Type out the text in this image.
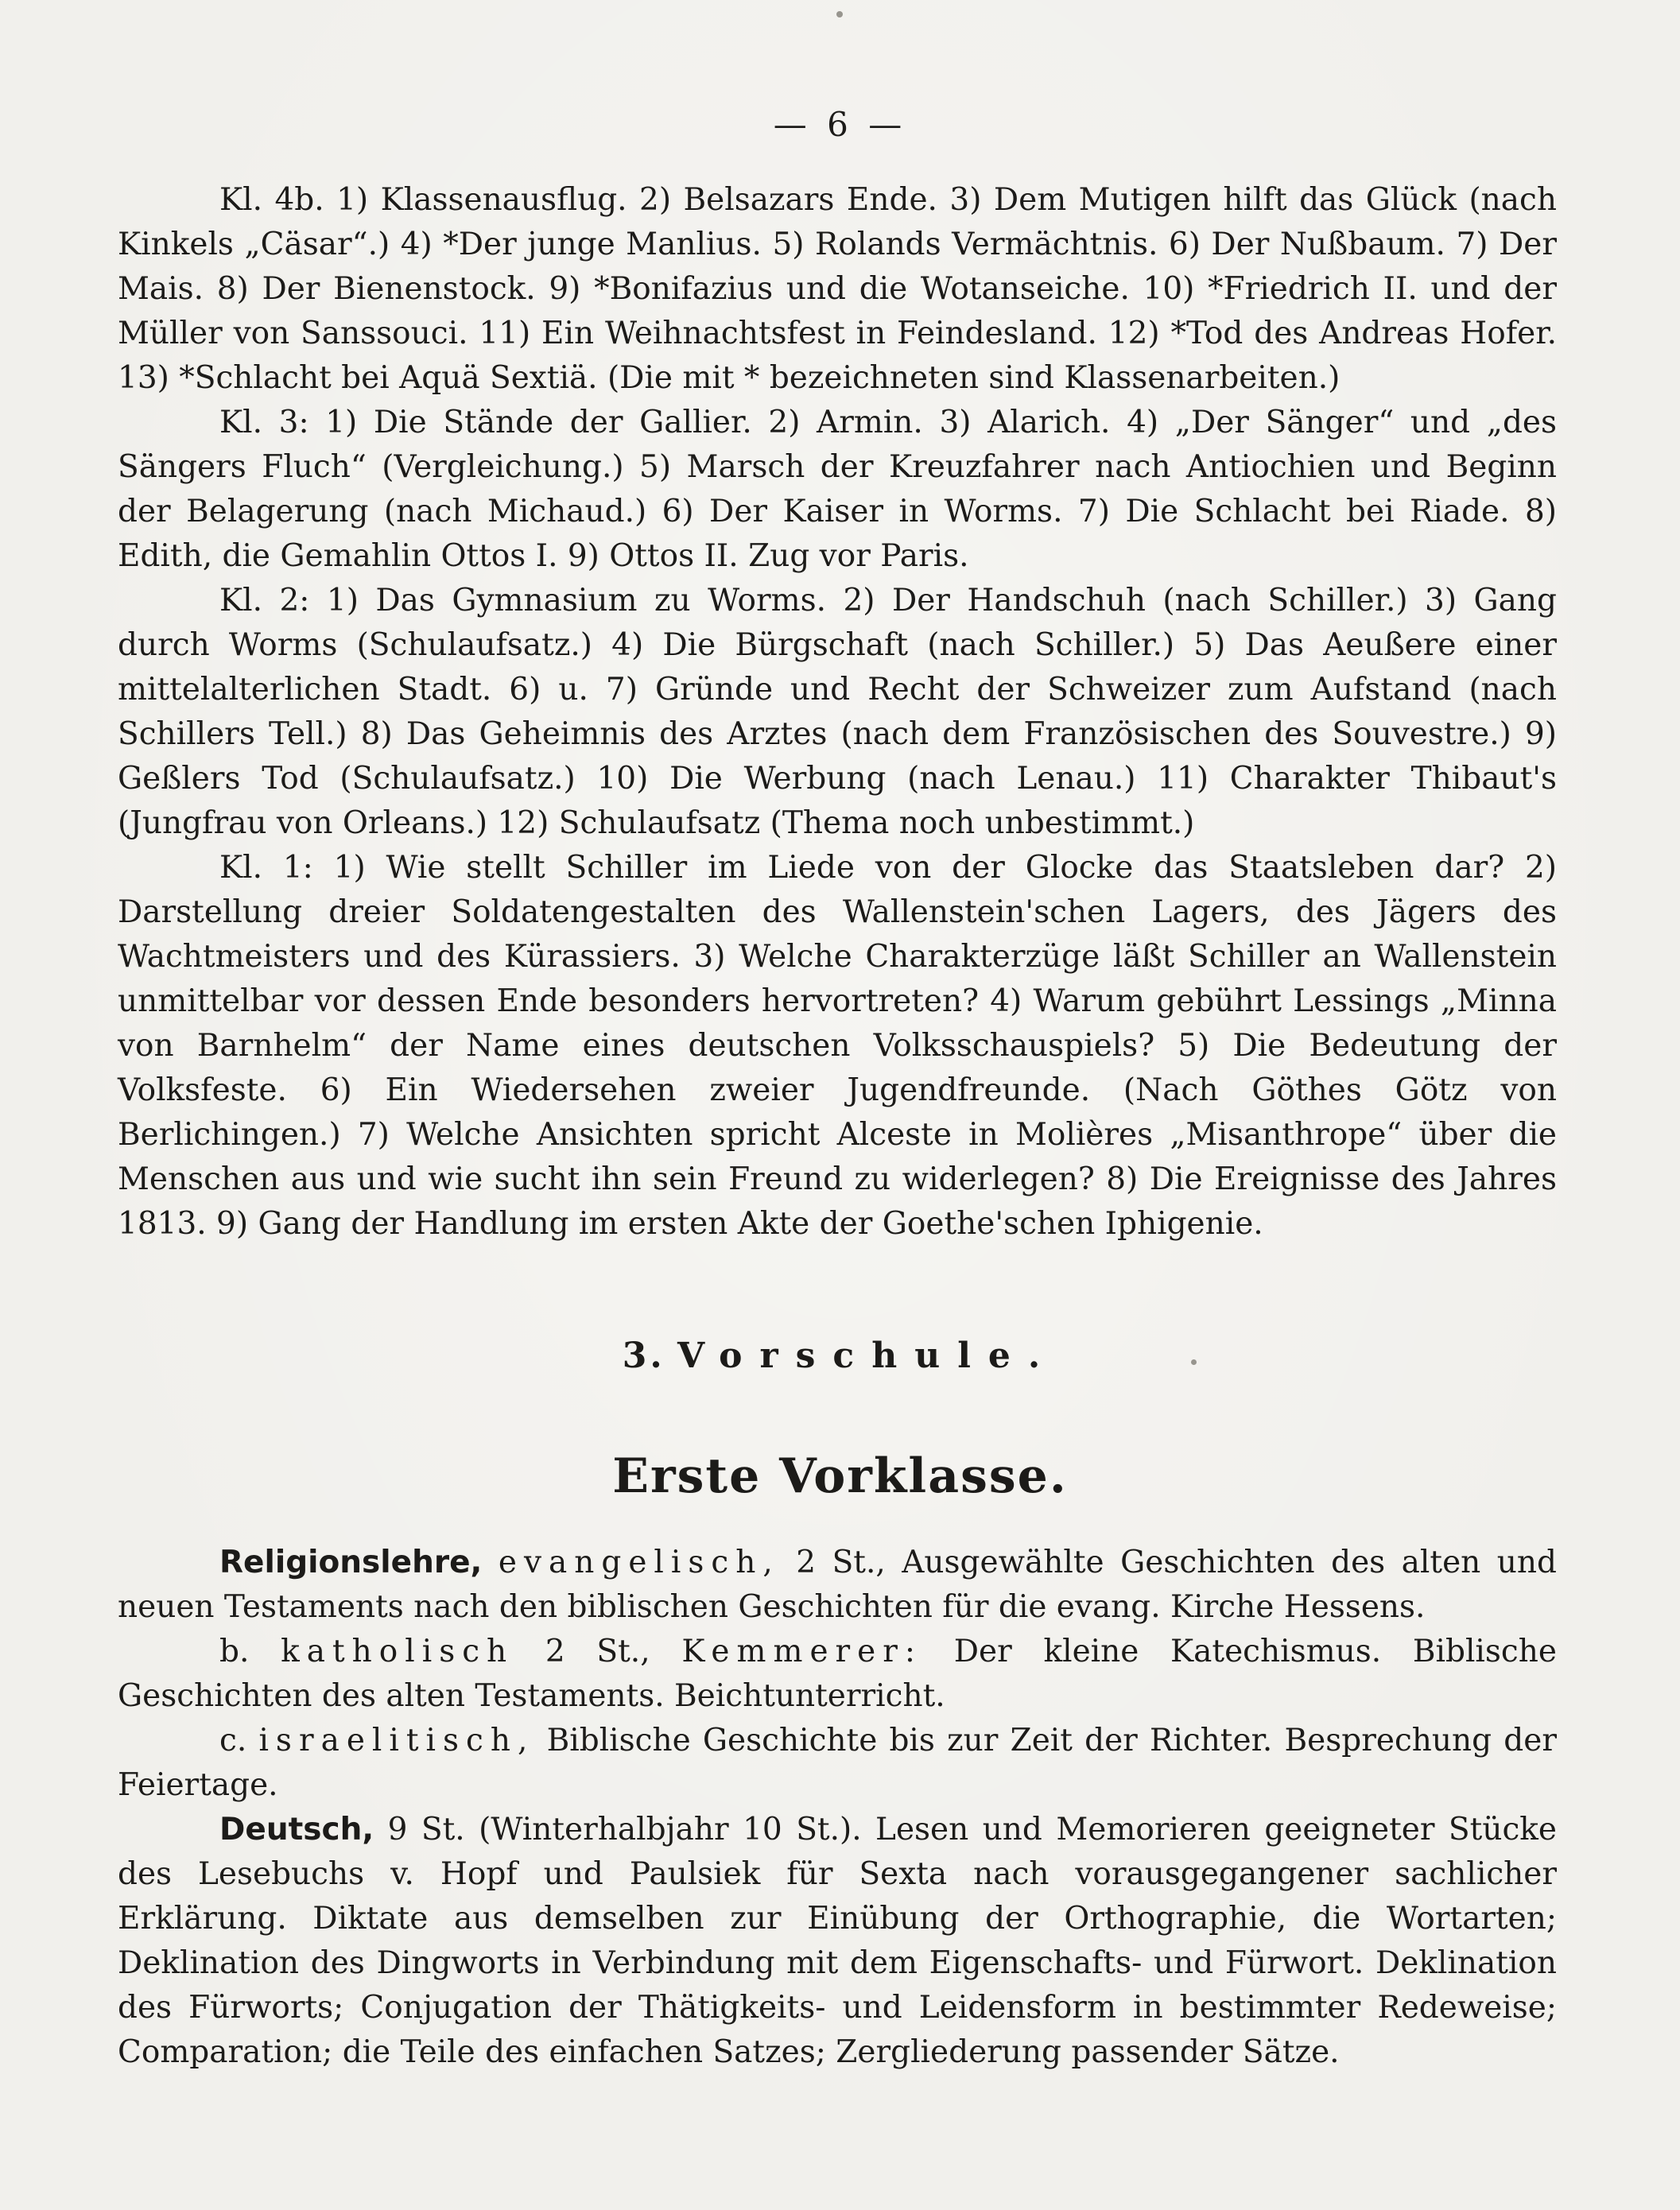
— 6 —

Kl. 4b. 1) Klassenausflug. 2) Belsazars Ende. 3) Dem Mutigen hilft das Glück (nach Kinkels „Cäsar“.) 4) *Der junge Manlius. 5) Rolands Vermächtnis. 6) Der Nußbaum. 7) Der Mais. 8) Der Bienenstock. 9) *Bonifazius und die Wotanseiche. 10) *Friedrich II. und der Müller von Sanssouci. 11) Ein Weihnachtsfest in Feindesland. 12) *Tod des Andreas Hofer. 13) *Schlacht bei Aquä Sextiä. (Die mit * bezeichneten sind Klassenarbeiten.)

Kl. 3: 1) Die Stände der Gallier. 2) Armin. 3) Alarich. 4) „Der Sänger“ und „des Sängers Fluch“ (Vergleichung.) 5) Marsch der Kreuzfahrer nach Antiochien und Beginn der Belagerung (nach Michaud.) 6) Der Kaiser in Worms. 7) Die Schlacht bei Riade. 8) Edith, die Gemahlin Ottos I. 9) Ottos II. Zug vor Paris.

Kl. 2: 1) Das Gymnasium zu Worms. 2) Der Handschuh (nach Schiller.) 3) Gang durch Worms (Schulaufsatz.) 4) Die Bürgschaft (nach Schiller.) 5) Das Aeußere einer mittelalterlichen Stadt. 6) u. 7) Gründe und Recht der Schweizer zum Aufstand (nach Schillers Tell.) 8) Das Geheimnis des Arztes (nach dem Französischen des Souvestre.) 9) Geßlers Tod (Schulaufsatz.) 10) Die Werbung (nach Lenau.) 11) Charakter Thibaut's (Jungfrau von Orleans.) 12) Schulaufsatz (Thema noch unbestimmt.)

Kl. 1: 1) Wie stellt Schiller im Liede von der Glocke das Staatsleben dar? 2) Darstellung dreier Soldatengestalten des Wallenstein'schen Lagers, des Jägers des Wachtmeisters und des Kürassiers. 3) Welche Charakterzüge läßt Schiller an Wallenstein unmittelbar vor dessen Ende besonders hervortreten? 4) Warum gebührt Lessings „Minna von Barnhelm“ der Name eines deutschen Volksschauspiels? 5) Die Bedeutung der Volksfeste. 6) Ein Wiedersehen zweier Jugendfreunde. (Nach Göthes Götz von Berlichingen.) 7) Welche Ansichten spricht Alceste in Molières „Misanthrope“ über die Menschen aus und wie sucht ihn sein Freund zu widerlegen? 8) Die Ereignisse des Jahres 1813. 9) Gang der Handlung im ersten Akte der Goethe'schen Iphigenie.

3. Vorschule.
Erste Vorklasse.

Religionslehre, evangelisch, 2 St., Ausgewählte Geschichten des alten und neuen Testaments nach den biblischen Geschichten für die evang. Kirche Hessens.

b. katholisch 2 St., Kemmerer: Der kleine Katechismus. Biblische Geschichten des alten Testaments. Beichtunterricht.

c. israelitisch, Biblische Geschichte bis zur Zeit der Richter. Besprechung der Feiertage.

Deutsch, 9 St. (Winterhalbjahr 10 St.). Lesen und Memorieren geeigneter Stücke des Lesebuchs v. Hopf und Paulsiek für Sexta nach vorausgegangener sachlicher Erklärung. Diktate aus demselben zur Einübung der Orthographie, die Wortarten; Deklination des Dingworts in Verbindung mit dem Eigenschafts- und Fürwort. Deklination des Fürworts; Conjugation der Thätigkeits- und Leidensform in bestimmter Redeweise; Comparation; die Teile des einfachen Satzes; Zergliederung passender Sätze.
